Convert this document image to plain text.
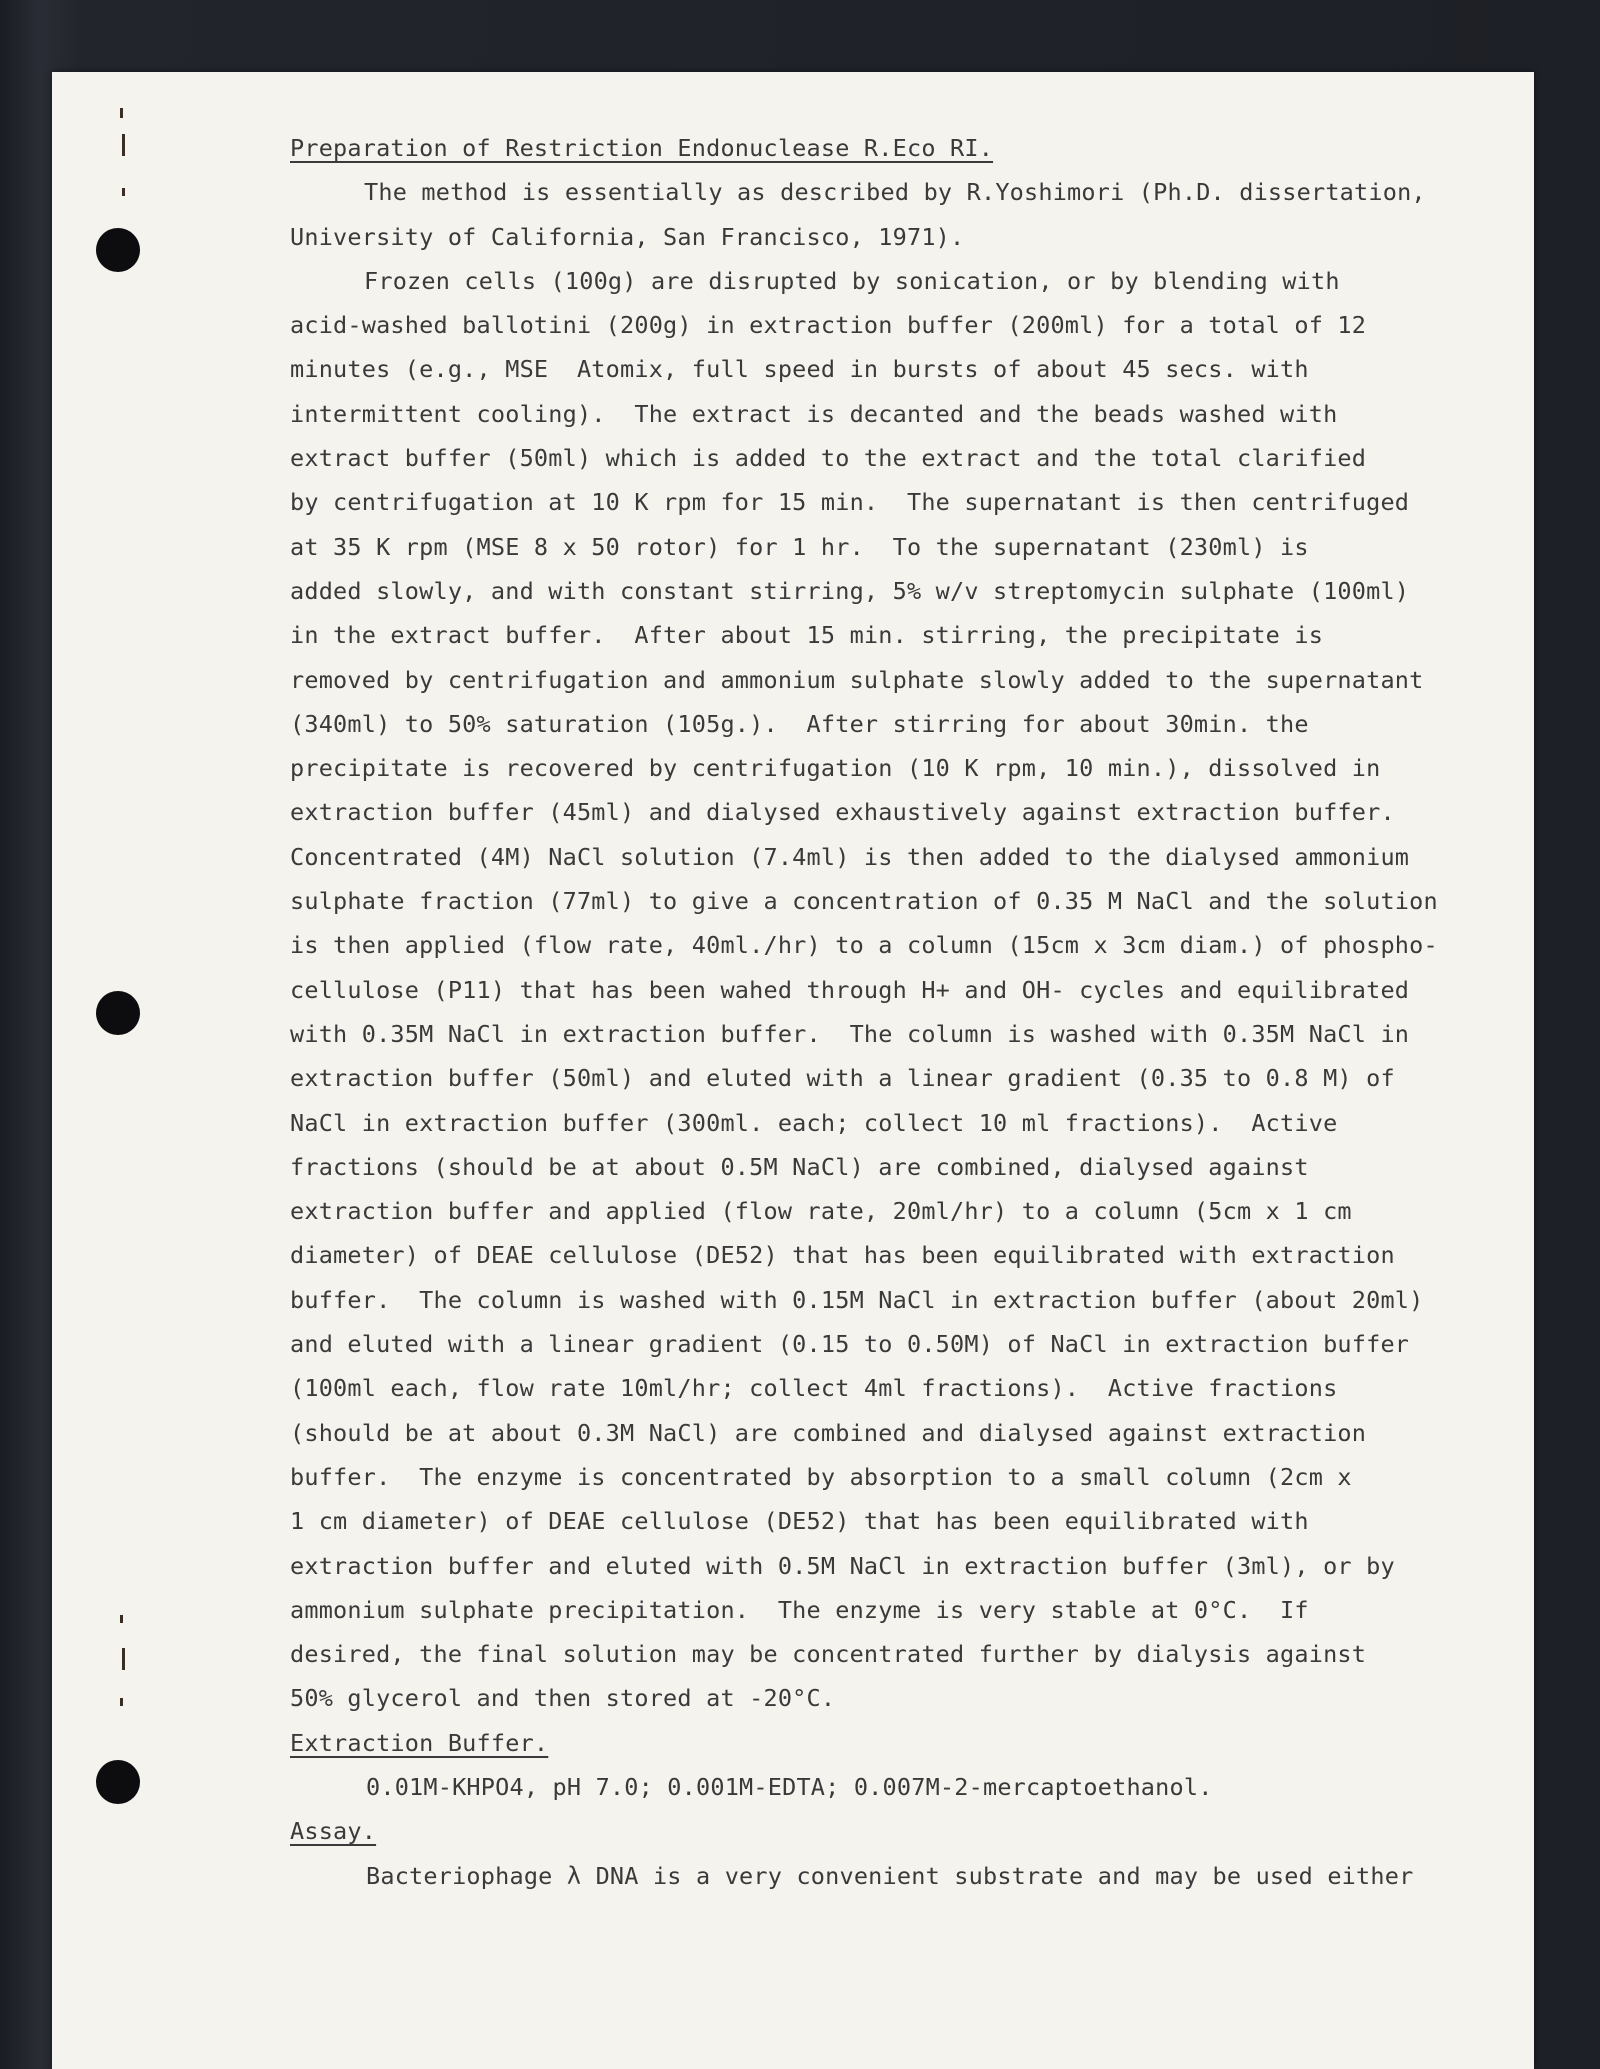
Preparation of Restriction Endonuclease R.Eco RI.
The method is essentially as described by R.Yoshimori (Ph.D. dissertation,
University of California, San Francisco, 1971).
Frozen cells (100g) are disrupted by sonication, or by blending with
acid-washed ballotini (200g) in extraction buffer (200ml) for a total of 12
minutes (e.g., MSE  Atomix, full speed in bursts of about 45 secs. with
intermittent cooling).  The extract is decanted and the beads washed with
extract buffer (50ml) which is added to the extract and the total clarified
by centrifugation at 10 K rpm for 15 min.  The supernatant is then centrifuged
at 35 K rpm (MSE 8 x 50 rotor) for 1 hr.  To the supernatant (230ml) is
added slowly, and with constant stirring, 5% w/v streptomycin sulphate (100ml)
in the extract buffer.  After about 15 min. stirring, the precipitate is
removed by centrifugation and ammonium sulphate slowly added to the supernatant
(340ml) to 50% saturation (105g.).  After stirring for about 30min. the
precipitate is recovered by centrifugation (10 K rpm, 10 min.), dissolved in
extraction buffer (45ml) and dialysed exhaustively against extraction buffer.
Concentrated (4M) NaCl solution (7.4ml) is then added to the dialysed ammonium
sulphate fraction (77ml) to give a concentration of 0.35 M NaCl and the solution
is then applied (flow rate, 40ml./hr) to a column (15cm x 3cm diam.) of phospho-
cellulose (P11) that has been wahed through H+ and OH- cycles and equilibrated
with 0.35M NaCl in extraction buffer.  The column is washed with 0.35M NaCl in
extraction buffer (50ml) and eluted with a linear gradient (0.35 to 0.8 M) of
NaCl in extraction buffer (300ml. each; collect 10 ml fractions).  Active
fractions (should be at about 0.5M NaCl) are combined, dialysed against
extraction buffer and applied (flow rate, 20ml/hr) to a column (5cm x 1 cm
diameter) of DEAE cellulose (DE52) that has been equilibrated with extraction
buffer.  The column is washed with 0.15M NaCl in extraction buffer (about 20ml)
and eluted with a linear gradient (0.15 to 0.50M) of NaCl in extraction buffer
(100ml each, flow rate 10ml/hr; collect 4ml fractions).  Active fractions
(should be at about 0.3M NaCl) are combined and dialysed against extraction
buffer.  The enzyme is concentrated by absorption to a small column (2cm x
1 cm diameter) of DEAE cellulose (DE52) that has been equilibrated with
extraction buffer and eluted with 0.5M NaCl in extraction buffer (3ml), or by
ammonium sulphate precipitation.  The enzyme is very stable at 0°C.  If
desired, the final solution may be concentrated further by dialysis against
50% glycerol and then stored at -20°C.
Extraction Buffer.
0.01M-KHPO4, pH 7.0; 0.001M-EDTA; 0.007M-2-mercaptoethanol.
Assay.
Bacteriophage λ DNA is a very convenient substrate and may be used either
